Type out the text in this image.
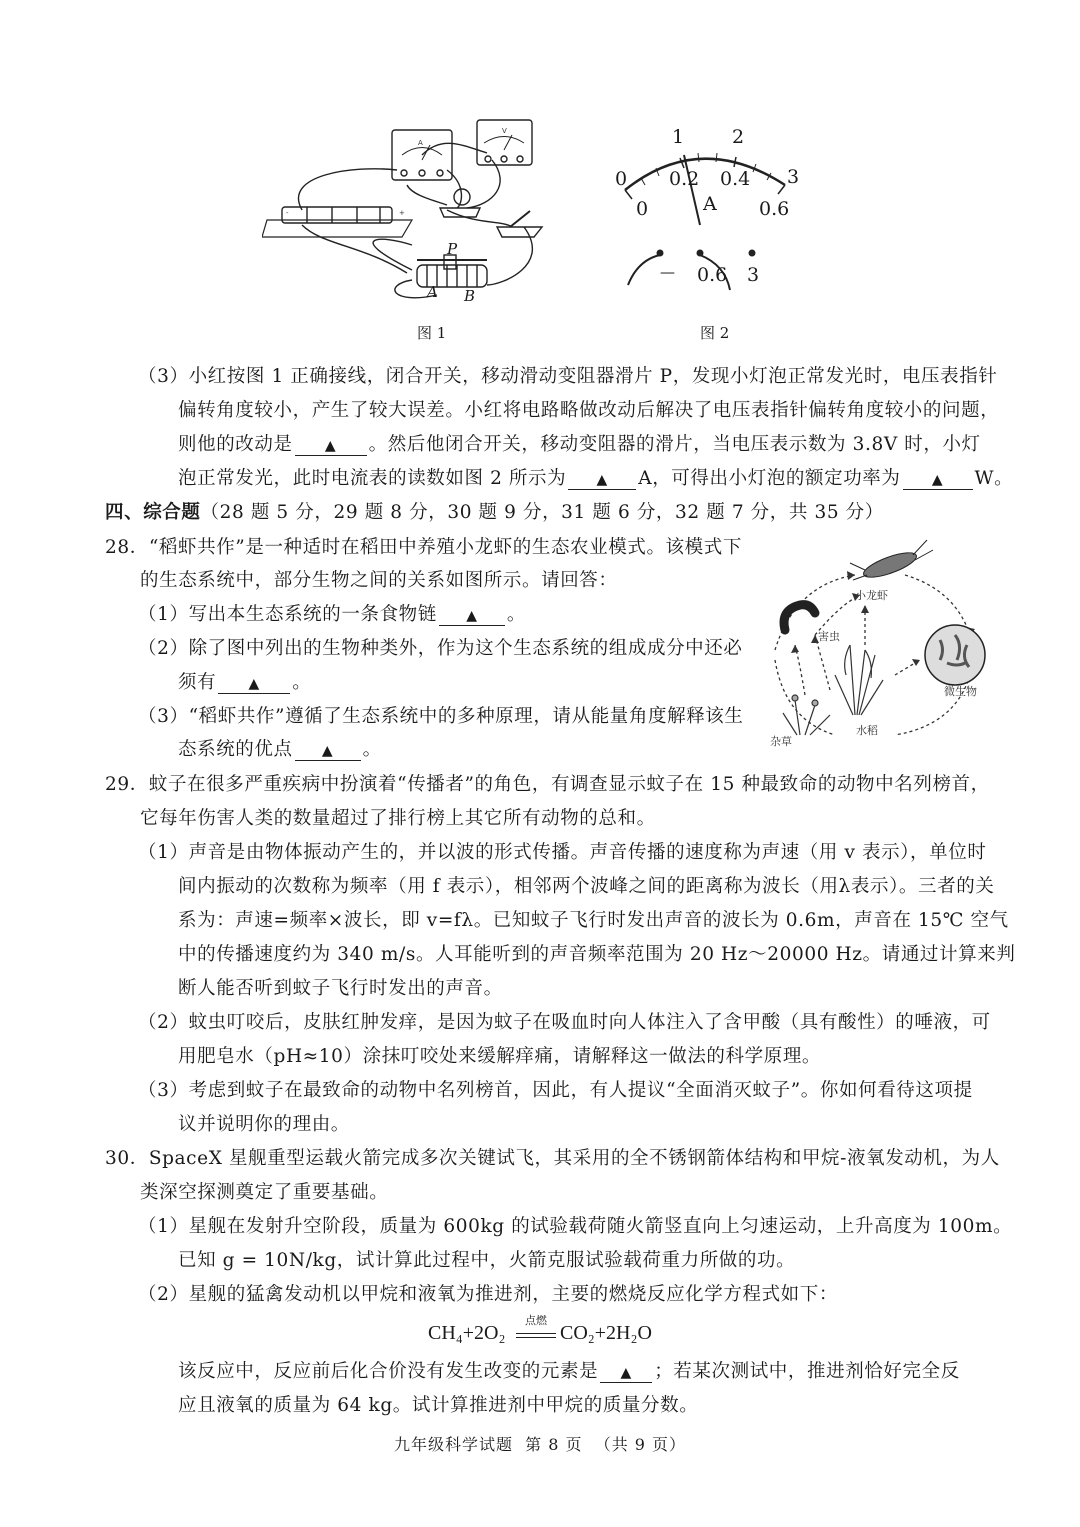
A
V
-	+
P
A B
图 1
0
1	2
3
0
0.2 0.4
0.6
A
— 0.6 3
图 2
（3）小红按图 1 正确接线，闭合开关，移动滑动变阻器滑片 P，发现小灯泡正常发光时，电压表指针
偏转角度较小，产生了较大误差。小红将电路略做改动后解决了电压表指针偏转角度较小的问题，
则他的改动是 ▲ 。然后他闭合开关，移动变阻器的滑片，当电压表示数为 3.8V 时，小灯
泡正常发光，此时电流表的读数如图 2 所示为 ▲ A，可得出小灯泡的额定功率为 ▲ W。
四、综合题（28 题 5 分，29 题 8 分，30 题 9 分，31 题 6 分，32 题 7 分，共 35 分）
28．“稻虾共作”是一种适时在稻田中养殖小龙虾的生态农业模式。该模式下
的生态系统中，部分生物之间的关系如图所示。请回答：
（1）写出本生态系统的一条食物链 ▲ 。
（2）除了图中列出的生物种类外，作为这个生态系统的组成成分中还必
须有 ▲ 。
（3）“稻虾共作”遵循了生态系统中的多种原理，请从能量角度解释该生
态系统的优点 ▲ 。
小龙虾
害虫
微生物
杂草
水稻
29．蚊子在很多严重疾病中扮演着“传播者”的角色，有调查显示蚊子在 15 种最致命的动物中名列榜首，
它每年伤害人类的数量超过了排行榜上其它所有动物的总和。
（1）声音是由物体振动产生的，并以波的形式传播。声音传播的速度称为声速（用 v 表示），单位时
间内振动的次数称为频率（用 f 表示），相邻两个波峰之间的距离称为波长（用λ表示）。三者的关
系为：声速=频率×波长，即 v=fλ。已知蚊子飞行时发出声音的波长为 0.6m，声音在 15℃ 空气
中的传播速度约为 340 m/s。人耳能听到的声音频率范围为 20 Hz～20000 Hz。请通过计算来判
断人能否听到蚊子飞行时发出的声音。
（2）蚊虫叮咬后，皮肤红肿发痒，是因为蚊子在吸血时向人体注入了含甲酸（具有酸性）的唾液，可
用肥皂水（pH≈10）涂抹叮咬处来缓解痒痛，请解释这一做法的科学原理。
（3）考虑到蚊子在最致命的动物中名列榜首，因此，有人提议“全面消灭蚊子”。你如何看待这项提
议并说明你的理由。
30．SpaceX 星舰重型运载火箭完成多次关键试飞，其采用的全不锈钢箭体结构和甲烷-液氧发动机，为人
类深空探测奠定了重要基础。
（1）星舰在发射升空阶段，质量为 600kg 的试验载荷随火箭竖直向上匀速运动，上升高度为 100m。
已知 g = 10N/kg，试计算此过程中，火箭克服试验载荷重力所做的功。
（2）星舰的猛禽发动机以甲烷和液氧为推进剂，主要的燃烧反应化学方程式如下：
CH₄+2O₂
点燃
CO₂+2H₂O
该反应中，反应前后化合价没有发生改变的元素是 ▲ ；若某次测试中，推进剂恰好完全反
应且液氧的质量为 64 kg。试计算推进剂中甲烷的质量分数。
九年级科学试题  第 8 页  （共 9 页）
